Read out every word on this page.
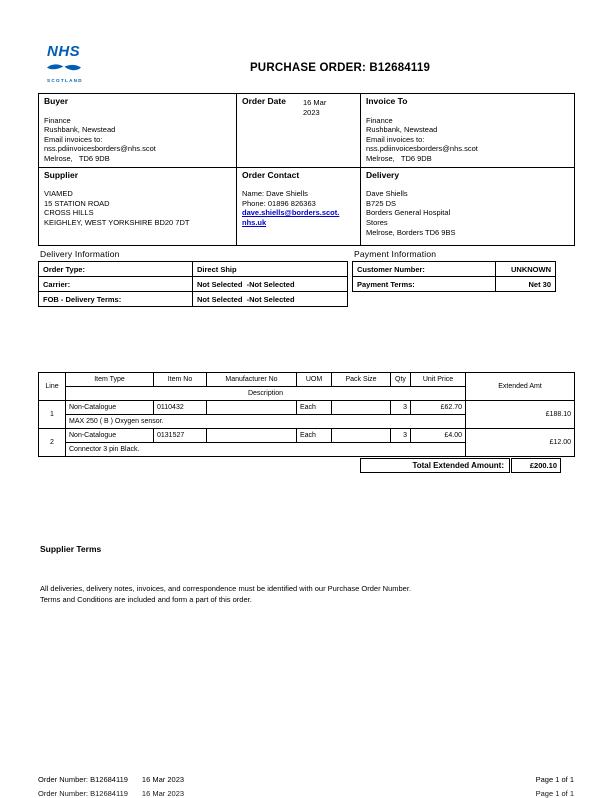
NHS
SCOTLAND
PURCHASE ORDER: B12684119
Buyer
Finance
Rushbank, Newstead
Email invoices to:
nss.pdiinvoicesborders@nhs.scot
Melrose,   TD6 9DB

Order Date	16 Mar 2023

Invoice To
Finance
Rushbank, Newstead
Email invoices to:
nss.pdiinvoicesborders@nhs.scot
Melrose,   TD6 9DB

Supplier
VIAMED
15 STATION ROAD
CROSS HILLS
KEIGHLEY, WEST YORKSHIRE BD20 7DT

Order Contact
Name: Dave Shiells
Phone: 01896 826363
dave.shiells@borders.scot.nhs.uk

Delivery
Dave Shiells
B725 DS
Borders General Hospital
Stores
Melrose, Borders TD6 9BS
Delivery Information	Payment Information
Order Type:	Direct Ship
Carrier:	Not Selected  -Not Selected
FOB - Delivery Terms:	Not Selected  -Not Selected
Customer Number:	UNKNOWN
Payment Terms:	Net 30
Line	Item Type	Item No	Manufacturer No	UOM	Pack Size	Qty	Unit Price	Extended Amt
	Description							
1	Non-Catalogue	0110432		Each		3	£62.70	£188.10
	MAX 250 ( B ) Oxygen sensor.							
2	Non-Catalogue	0131527		Each		3	£4.00	£12.00
	Connector 3 pin Black.							
Total Extended Amount:	£200.10
Supplier Terms
All deliveries, delivery notes, invoices, and correspondence must be identified with our Purchase Order Number. Terms and Conditions are included and form a part of this order.
Order Number: B12684119 16 Mar 2023	Page 1 of 1
Order Number: B12684119 16 Mar 2023	Page 1 of 1
